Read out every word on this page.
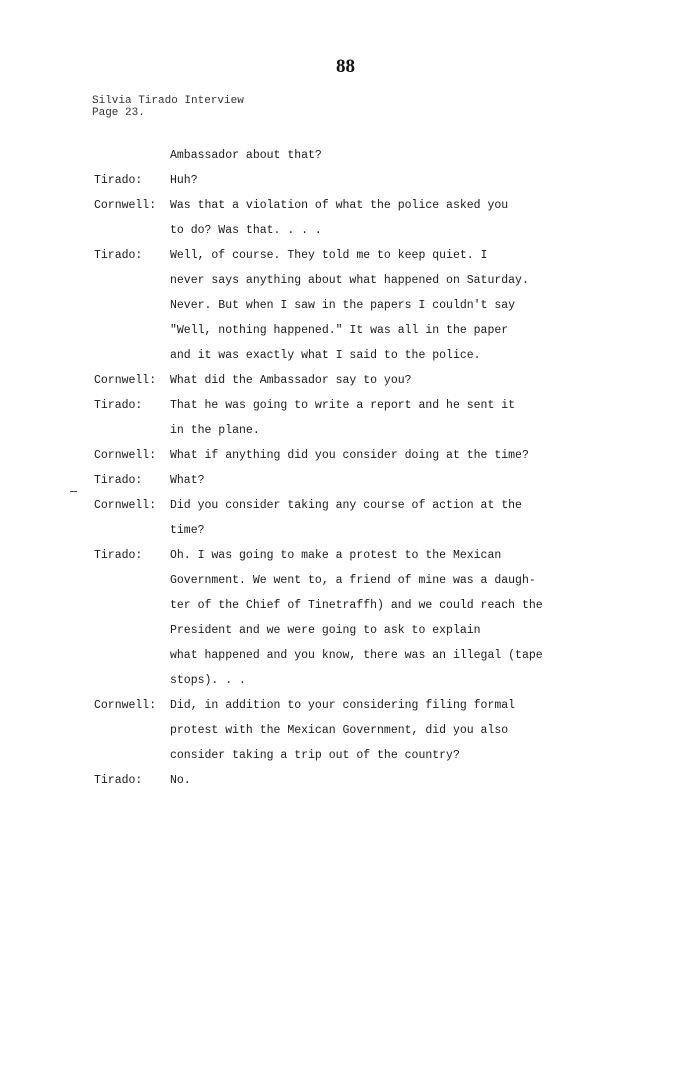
88
Silvia Tirado Interview
Page 23.
Ambassador about that?
Tirado:	Huh?
Cornwell:	Was that a violation of what the police asked you
to do? Was that. . . .
Tirado:	Well, of course. They told me to keep quiet. I
never says anything about what happened on Saturday.
Never. But when I saw in the papers I couldn't say
"Well, nothing happened." It was all in the paper
and it was exactly what I said to the police.
Cornwell:	What did the Ambassador say to you?
Tirado:	That he was going to write a report and he sent it
in the plane.
Cornwell:	What if anything did you consider doing at the time?
Tirado:	What?
Cornwell:	Did you consider taking any course of action at the
time?
Tirado:	Oh. I was going to make a protest to the Mexican
Government. We went to, a friend of mine was a daugh-
ter of the Chief of Tinetraffh) and we could reach the
President and we were going to ask to explain
what happened and you know, there was an illegal (tape
stops). . .
Cornwell:	Did, in addition to your considering filing formal
protest with the Mexican Government, did you also
consider taking a trip out of the country?
Tirado:	No.
